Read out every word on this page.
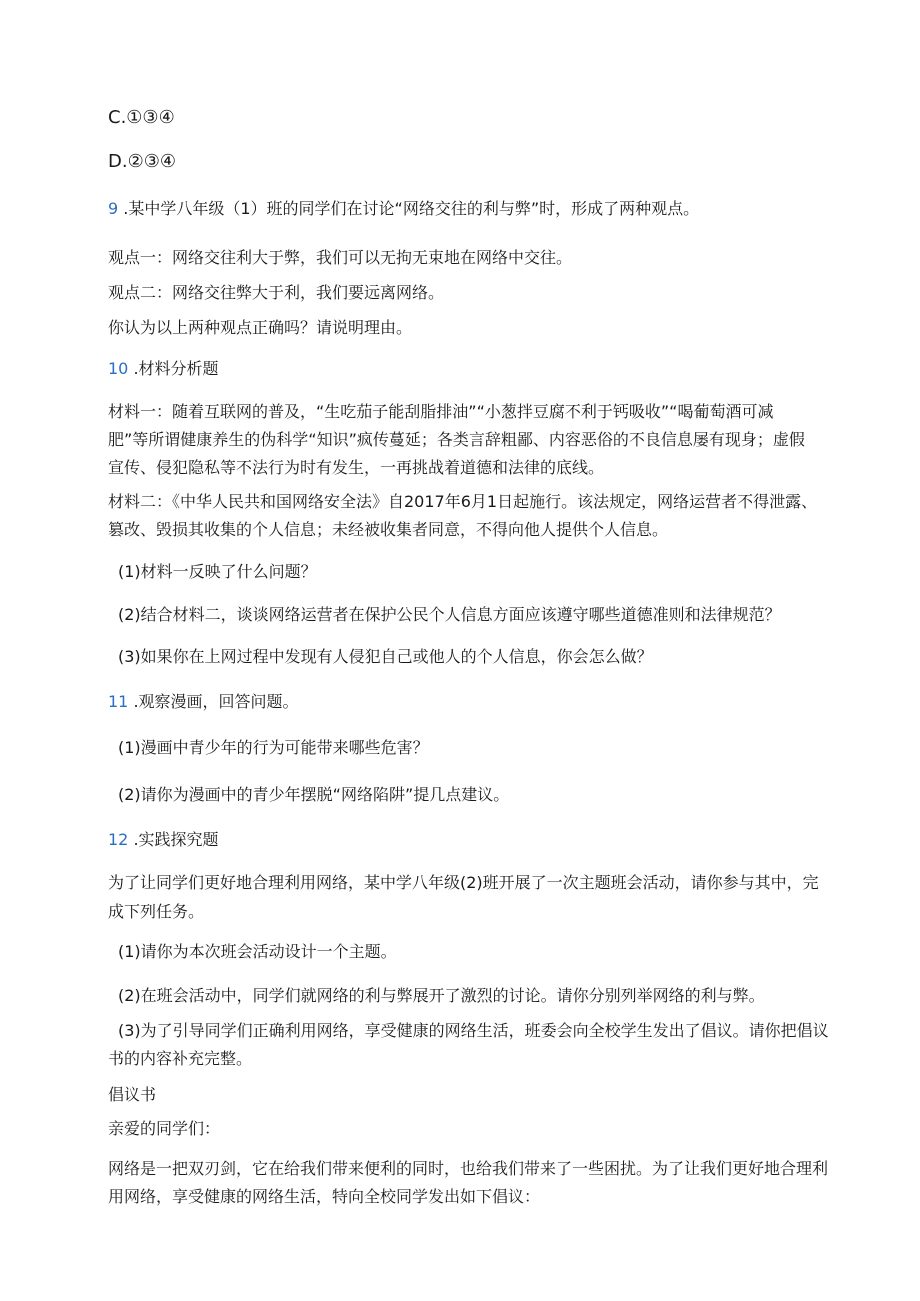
C.①③④

D.②③④

9 .某中学八年级（1）班的同学们在讨论“网络交往的利与弊”时，形成了两种观点。

观点一：网络交往利大于弊，我们可以无拘无束地在网络中交往。

观点二：网络交往弊大于利，我们要远离网络。

你认为以上两种观点正确吗？请说明理由。

10 .材料分析题

材料一：随着互联网的普及，“生吃茄子能刮脂排油”“小葱拌豆腐不利于钙吸收”“喝葡萄酒可减

肥”等所谓健康养生的伪科学“知识”疯传蔓延；各类言辞粗鄙、内容恶俗的不良信息屡有现身；虚假

宣传、侵犯隐私等不法行为时有发生，一再挑战着道德和法律的底线。

材料二：《中华人民共和国网络安全法》自2017年6月1日起施行。该法规定，网络运营者不得泄露、

篡改、毁损其收集的个人信息；未经被收集者同意，不得向他人提供个人信息。

(1)材料一反映了什么问题？

(2)结合材料二，谈谈网络运营者在保护公民个人信息方面应该遵守哪些道德准则和法律规范？

(3)如果你在上网过程中发现有人侵犯自己或他人的个人信息，你会怎么做？

11 .观察漫画，回答问题。

(1)漫画中青少年的行为可能带来哪些危害？

(2)请你为漫画中的青少年摆脱“网络陷阱”提几点建议。

12 .实践探究题

为了让同学们更好地合理利用网络，某中学八年级(2)班开展了一次主题班会活动，请你参与其中，完

成下列任务。

(1)请你为本次班会活动设计一个主题。

(2)在班会活动中，同学们就网络的利与弊展开了激烈的讨论。请你分别列举网络的利与弊。

(3)为了引导同学们正确利用网络，享受健康的网络生活，班委会向全校学生发出了倡议。请你把倡议

书的内容补充完整。

倡议书

亲爱的同学们：

网络是一把双刃剑，它在给我们带来便利的同时，也给我们带来了一些困扰。为了让我们更好地合理利

用网络，享受健康的网络生活，特向全校同学发出如下倡议：
